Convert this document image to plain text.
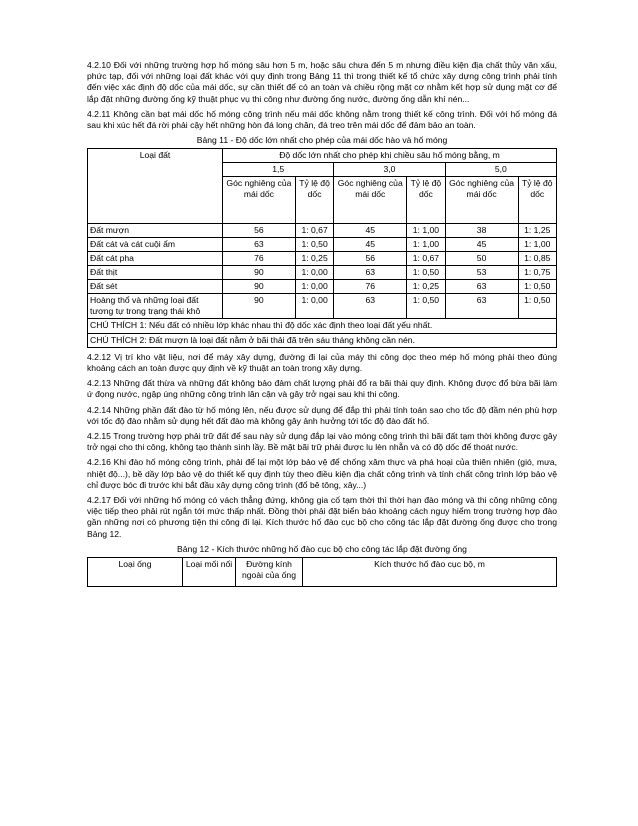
4.2.10 Đối với những trường hợp hố móng sâu hơn 5 m, hoặc sâu chưa đến 5 m nhưng điều kiện địa chất thủy văn xấu, phức tạp, đối với những loại đất khác với quy định trong Bảng 11 thì trong thiết kế tổ chức xây dựng công trình phải tính đến việc xác định độ dốc của mái dốc, sự cần thiết để có an toàn và chiều rộng mặt cơ nhằm kết hợp sử dụng mặt cơ để lắp đặt những đường ống kỹ thuật phục vụ thi công như đường ống nước, đường ống dẫn khí nén...

4.2.11 Không cần bạt mái dốc hố móng công trình nếu mái dốc không nằm trong thiết kế công trình. Đối với hố móng đá sau khi xúc hết đá rời phải cậy hết những hòn đá long chân, đá treo trên mái dốc để đảm bảo an toàn.

Bảng 11 - Độ dốc lớn nhất cho phép của mái dốc hào và hố móng
Loại đất	Độ dốc lớn nhất cho phép khi chiều sâu hố móng bằng, m					
	1,5		3,0		5,0	
	Góc nghiêng của mái dốc	Tỷ lệ độ dốc	Góc nghiêng của mái dốc	Tỷ lệ độ dốc	Góc nghiêng của mái dốc	Tỷ lệ độ dốc
Đất mượn	56	1: 0,67	45	1: 1,00	38	1: 1,25
Đất cát và cát cuội ẩm	63	1: 0,50	45	1: 1,00	45	1: 1,00
Đất cát pha	76	1: 0,25	56	1: 0,67	50	1: 0,85
Đất thịt	90	1: 0,00	63	1: 0,50	53	1: 0,75
Đất sét	90	1: 0,00	76	1: 0,25	63	1: 0,50
Hoàng thổ và những loại đất tương tự trong trạng thái khô	90	1: 0,00	63	1: 0,50	63	1: 0,50
CHÚ THÍCH 1: Nếu đất có nhiều lớp khác nhau thì độ dốc xác định theo loại đất yếu nhất.
CHÚ THÍCH 2: Đất mượn là loại đất nằm ở bãi thải đã trên sáu tháng không cần nén.

4.2.12 Vị trí kho vật liệu, nơi để máy xây dựng, đường đi lại của máy thi công dọc theo mép hố móng phải theo đúng khoảng cách an toàn được quy định về kỹ thuật an toàn trong xây dựng.

4.2.13 Những đất thừa và những đất không bảo đảm chất lượng phải đổ ra bãi thải quy định. Không được đổ bừa bãi làm ứ đọng nước, ngập úng những công trình lân cận và gây trở ngại sau khi thi công.

4.2.14 Những phần đất đào từ hố móng lên, nếu được sử dụng để đắp thì phải tính toán sao cho tốc độ đầm nén phù hợp với tốc độ đào nhằm sử dụng hết đất đào mà không gây ảnh hưởng tới tốc độ đào đất hố.

4.2.15 Trong trường hợp phải trữ đất để sau này sử dụng đắp lại vào móng công trình thì bãi đất tạm thời không được gây trở ngại cho thi công, không tạo thành sình lầy. Bề mặt bãi trữ phải được lu lèn nhẵn và có độ dốc để thoát nước.

4.2.16 Khi đào hố móng công trình, phải để lại một lớp bảo vệ để chống xâm thực và phá hoại của thiên nhiên (gió, mưa, nhiệt độ...), bề dầy lớp bảo vệ do thiết kế quy định tùy theo điều kiện địa chất công trình và tính chất công trình lớp bảo vệ chỉ được bóc đi trước khi bắt đầu xây dựng công trình (đổ bê tông, xây...)

4.2.17 Đối với những hố móng có vách thẳng đứng, không gia cố tạm thời thì thời hạn đào móng và thi công những công việc tiếp theo phải rút ngắn tới mức thấp nhất. Đồng thời phải đặt biển báo khoảng cách nguy hiểm trong trường hợp đào gần những nơi có phương tiện thi công đi lại. Kích thước hố đào cục bộ cho công tác lắp đặt đường ống được cho trong Bảng 12.

Bảng 12 - Kích thước những hố đào cục bộ cho công tác lắp đặt đường ống
Loại ống	Loại mối nối	Đường kính ngoài của ống	Kích thước hố đào cục bộ, m
